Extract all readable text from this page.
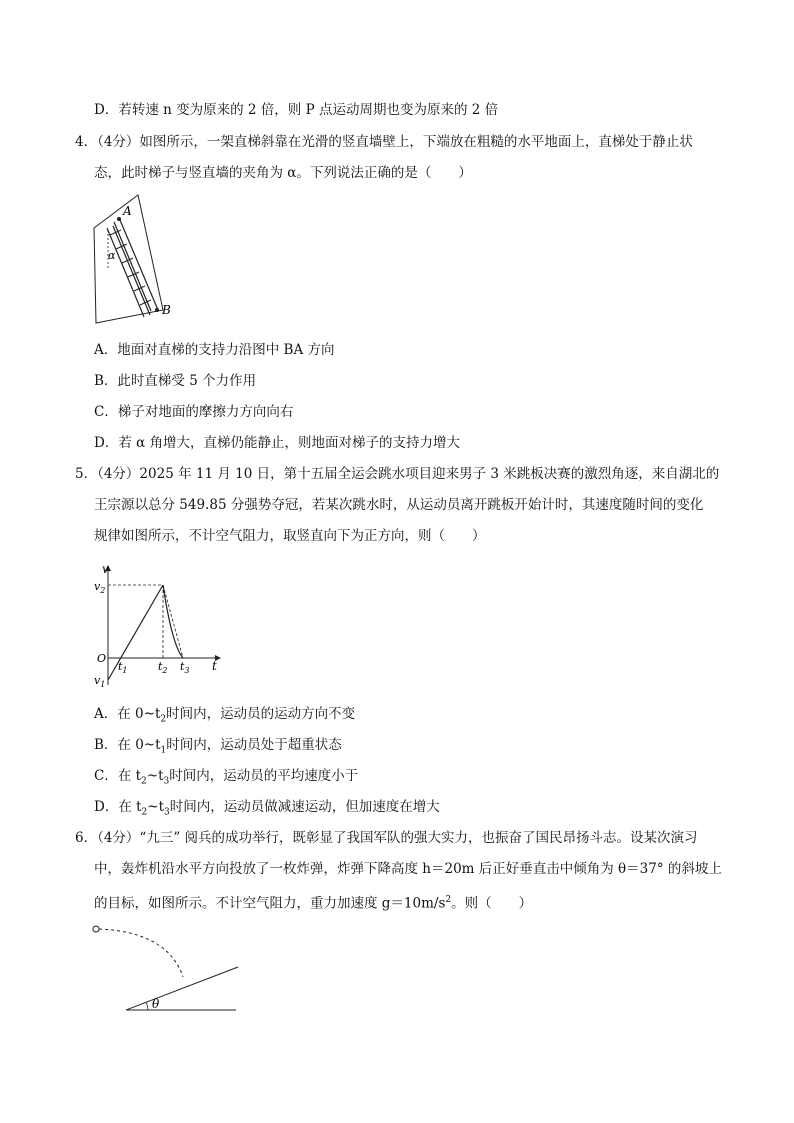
D．若转速 n 变为原来的 2 倍，则 P 点运动周期也变为原来的 2 倍
4．（4分）如图所示，一架直梯斜靠在光滑的竖直墙壁上，下端放在粗糙的水平地面上，直梯处于静止状
态，此时梯子与竖直墙的夹角为 α。下列说法正确的是（　　）
A
B
α
A．地面对直梯的支持力沿图中 BA 方向
B．此时直梯受 5 个力作用
C．梯子对地面的摩擦力方向向右
D．若 α 角增大，直梯仍能静止，则地面对梯子的支持力增大
5．（4分）2025 年 11 月 10 日，第十五届全运会跳水项目迎来男子 3 米跳板决赛的激烈角逐，来自湖北的
王宗源以总分 549.85 分强势夺冠，若某次跳水时，从运动员离开跳板开始计时，其速度随时间的变化
规律如图所示，不计空气阻力，取竖直向下为正方向，则（　　）
v
$v_2$
O
$v_1$
$t_1$	$t_2$ $t_3$ t
A．在 $0\sim t_2$时间内，运动员的运动方向不变
B．在 $0\sim t_1$时间内，运动员处于超重状态
C．在 $t_2\sim t_3$时间内，运动员的平均速度小于
D．在 $t_2\sim t_3$时间内，运动员做减速运动，但加速度在增大
6．（4分）“九三” 阅兵的成功举行，既彰显了我国军队的强大实力，也振奋了国民昂扬斗志。设某次演习
中，轰炸机沿水平方向投放了一枚炸弹，炸弹下降高度 h＝20m 后正好垂直击中倾角为 θ＝37° 的斜坡上
的目标，如图所示。不计空气阻力，重力加速度 $g=10m/s^2$。则（　　）
θ
